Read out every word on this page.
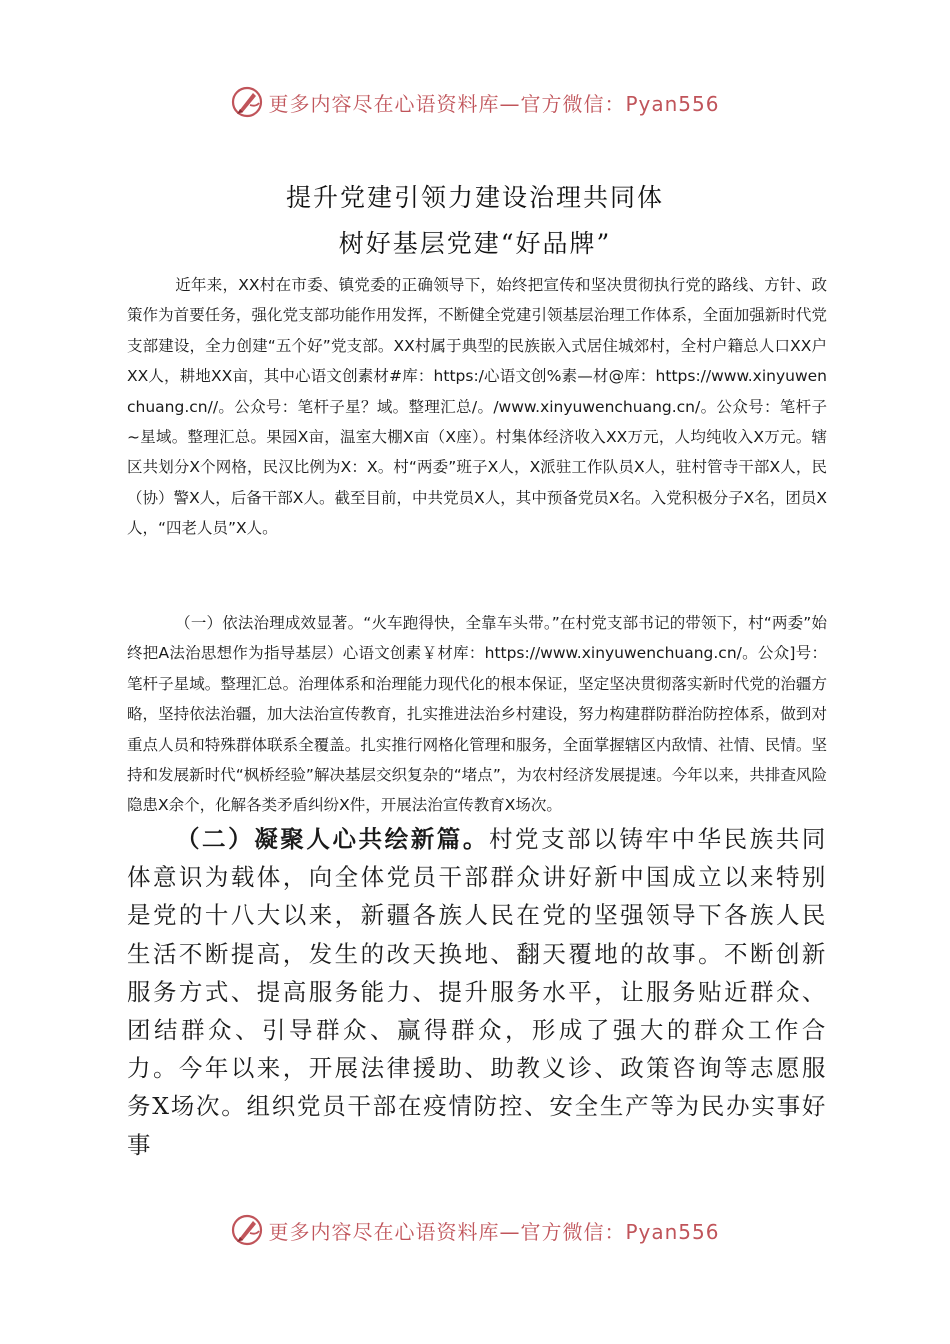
更多内容尽在心语资料库—官方微信：Pyan556
提升党建引领力建设治理共同体
树好基层党建“好品牌”

近年来，XX村在市委、镇党委的正确领导下，始终把宣传和坚决贯彻执行党的路线、方针、政策作为首要任务，强化党支部功能作用发挥，不断健全党建引领基层治理工作体系，全面加强新时代党支部建设，全力创建“五个好”党支部。XX村属于典型的民族嵌入式居住城郊村，全村户籍总人口XX户XX人，耕地XX亩，其中心语文创素材#库：https:/心语文创%素—材@库：https://www.xinyuwenchuang.cn//。公众号：笔杆子星？域。整理汇总/。/www.xinyuwenchuang.cn/。公众号：笔杆子~星域。整理汇总。果园X亩，温室大棚X亩（X座）。村集体经济收入XX万元，人均纯收入X万元。辖区共划分X个网格，民汉比例为X：X。村“两委”班子X人，X派驻工作队员X人，驻村管寺干部X人，民（协）警X人，后备干部X人。截至目前，中共党员X人，其中预备党员X名。入党积极分子X名，团员X人，“四老人员”X人。

（一）依法治理成效显著。“火车跑得快，全靠车头带。”在村党支部书记的带领下，村“两委”始终把A法治思想作为指导基层）心语文创素￥材库：https://www.xinyuwenchuang.cn/。公众]号：笔杆子星域。整理汇总。治理体系和治理能力现代化的根本保证，坚定坚决贯彻落实新时代党的治疆方略，坚持依法治疆，加大法治宣传教育，扎实推进法治乡村建设，努力构建群防群治防控体系，做到对重点人员和特殊群体联系全覆盖。扎实推行网格化管理和服务，全面掌握辖区内敌情、社情、民情。坚持和发展新时代“枫桥经验”解决基层交织复杂的“堵点”，为农村经济发展提速。今年以来，共排查风险隐患X余个，化解各类矛盾纠纷X件，开展法治宣传教育X场次。

（二）凝聚人心共绘新篇。村党支部以铸牢中华民族共同体意识为载体，向全体党员干部群众讲好新中国成立以来特别是党的十八大以来，新疆各族人民在党的坚强领导下各族人民生活不断提高，发生的改天换地、翻天覆地的故事。不断创新服务方式、提高服务能力、提升服务水平，让服务贴近群众、团结群众、引导群众、赢得群众，形成了强大的群众工作合力。今年以来，开展法律援助、助教义诊、政策咨询等志愿服务X场次。组织党员干部在疫情防控、安全生产等为民办实事好事

更多内容尽在心语资料库—官方微信：Pyan556
